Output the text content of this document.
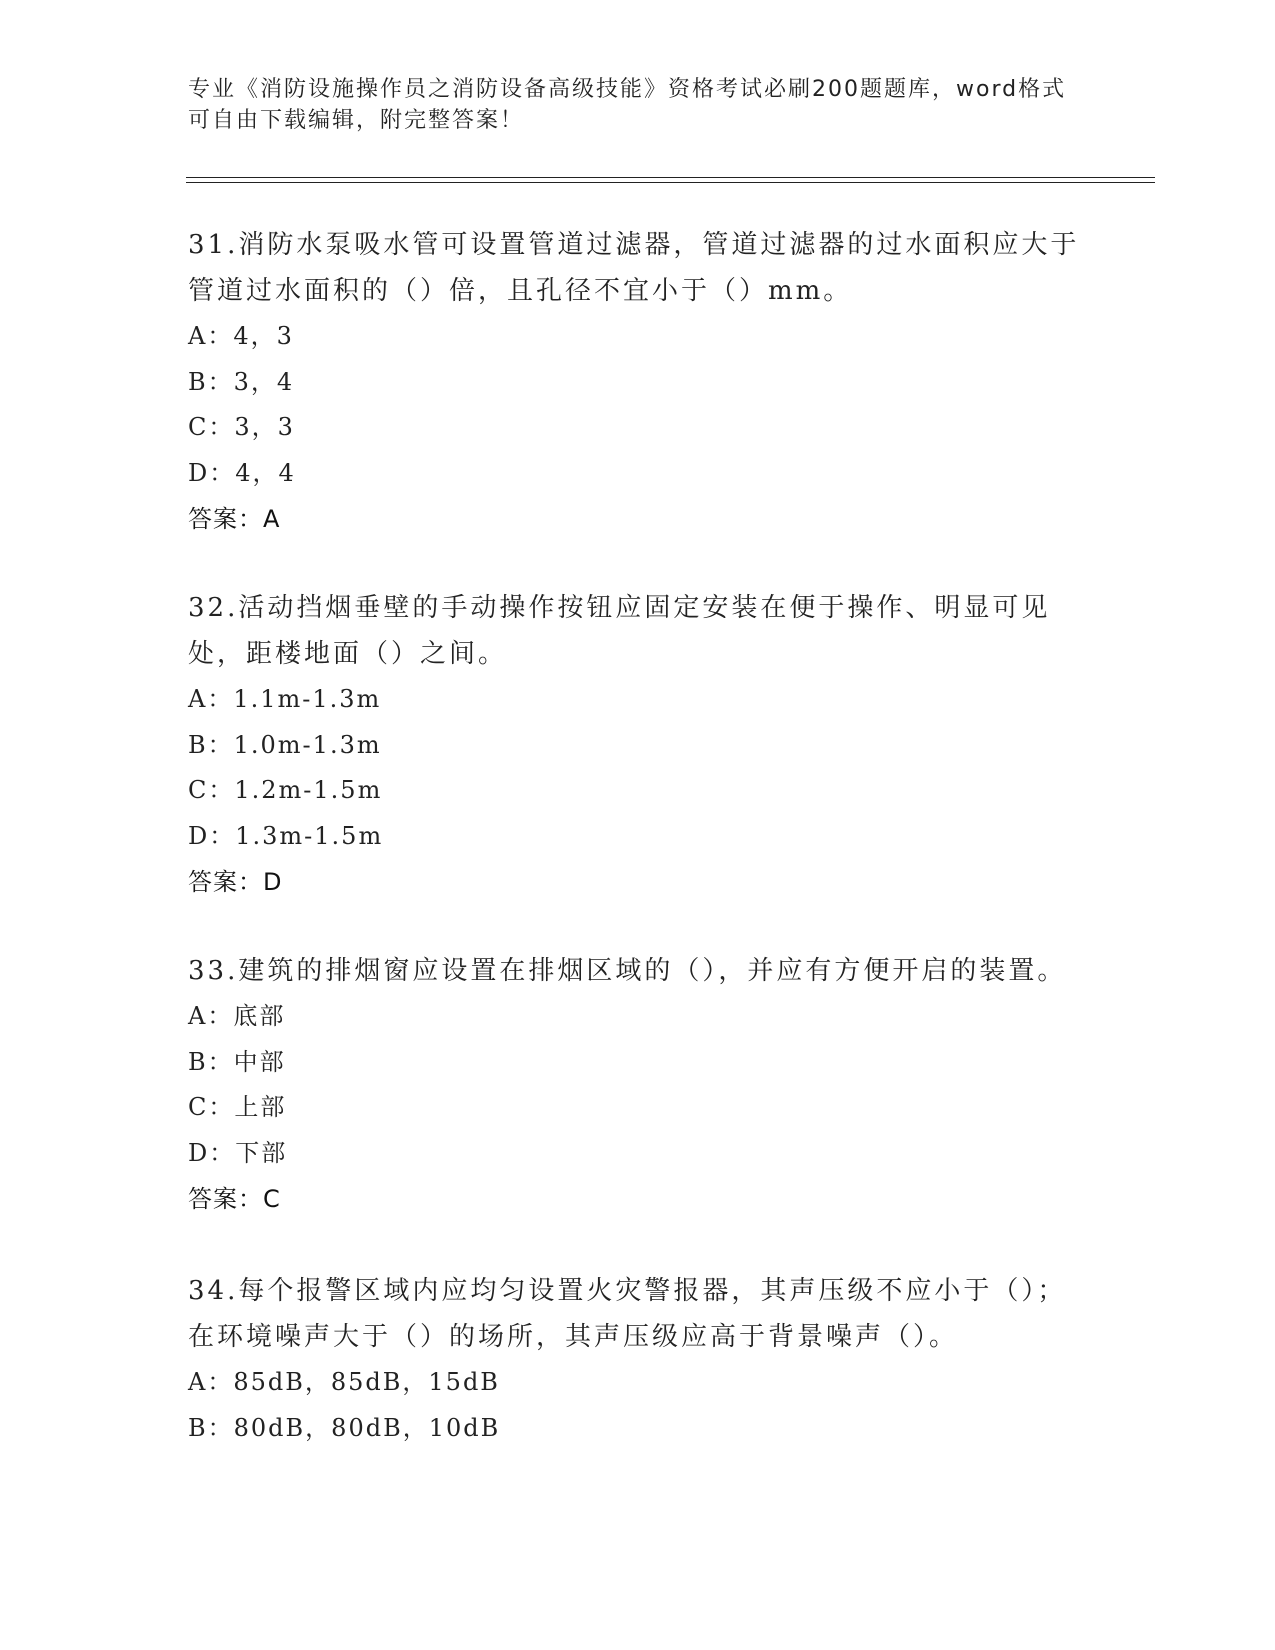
专业《消防设施操作员之消防设备高级技能》资格考试必刷200题题库，word格式可自由下载编辑，附完整答案！

31.消防水泵吸水管可设置管道过滤器，管道过滤器的过水面积应大于管道过水面积的（）倍，且孔径不宜小于（）mm。

A：4，3

B：3，4

C：3，3

D：4，4

答案：A

32.活动挡烟垂壁的手动操作按钮应固定安装在便于操作、明显可见处，距楼地面（）之间。

A：1.1m-1.3m

B：1.0m-1.3m

C：1.2m-1.5m

D：1.3m-1.5m

答案：D

33.建筑的排烟窗应设置在排烟区域的（），并应有方便开启的装置。

A：底部

B：中部

C：上部

D：下部

答案：C

34.每个报警区域内应均匀设置火灾警报器，其声压级不应小于（）；在环境噪声大于（）的场所，其声压级应高于背景噪声（）。

A：85dB，85dB，15dB

B：80dB，80dB，10dB
